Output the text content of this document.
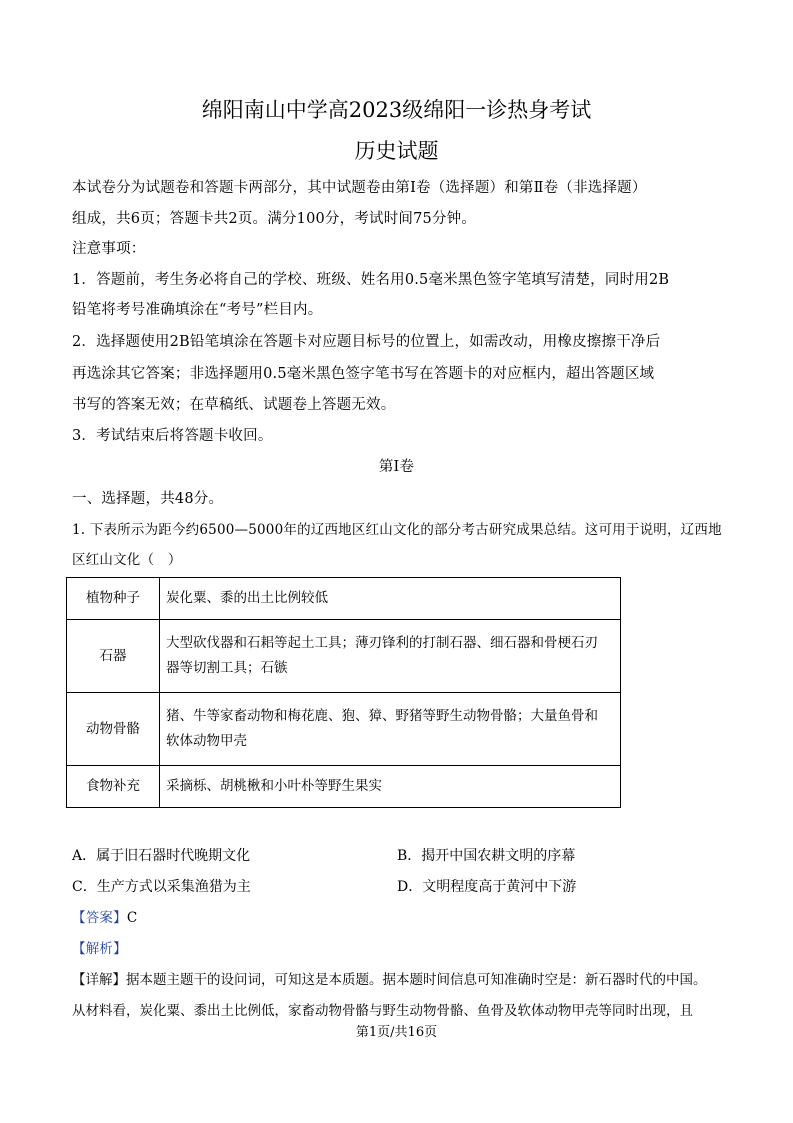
绵阳南山中学高2023级绵阳一诊热身考试
历史试题
本试卷分为试题卷和答题卡两部分，其中试题卷由第Ⅰ卷（选择题）和第Ⅱ卷（非选择题）
组成，共6页；答题卡共2页。满分100分，考试时间75分钟。
注意事项：
1．答题前，考生务必将自己的学校、班级、姓名用0.5毫米黑色签字笔填写清楚，同时用2B
铅笔将考号准确填涂在“考号”栏目内。
2．选择题使用2B铅笔填涂在答题卡对应题目标号的位置上，如需改动，用橡皮擦擦干净后
再选涂其它答案；非选择题用0.5毫米黑色签字笔书写在答题卡的对应框内，超出答题区域
书写的答案无效；在草稿纸、试题卷上答题无效。
3．考试结束后将答题卡收回。
第Ⅰ卷
一、选择题，共48分。
1. 下表所示为距今约6500—5000年的辽西地区红山文化的部分考古研究成果总结。这可用于说明，辽西地
区红山文化（　）
植物种子	炭化粟、黍的出土比例较低

石器	大型砍伐器和石耜等起土工具；薄刃锋利的打制石器、细石器和骨梗石刃
器等切割工具；石镞

动物骨骼	猪、牛等家畜动物和梅花鹿、狍、獐、野猪等野生动物骨骼；大量鱼骨和
软体动物甲壳

食物补充	采摘栎、胡桃楸和小叶朴等野生果实
A．属于旧石器时代晚期文化	B．揭开中国农耕文明的序幕
C．生产方式以采集渔猎为主	D．文明程度高于黄河中下游
【答案】C
【解析】
【详解】据本题主题干的设问词，可知这是本质题。据本题时间信息可知准确时空是：新石器时代的中国。
从材料看，炭化粟、黍出土比例低，家畜动物骨骼与野生动物骨骼、鱼骨及软体动物甲壳等同时出现，且
第1页/共16页
